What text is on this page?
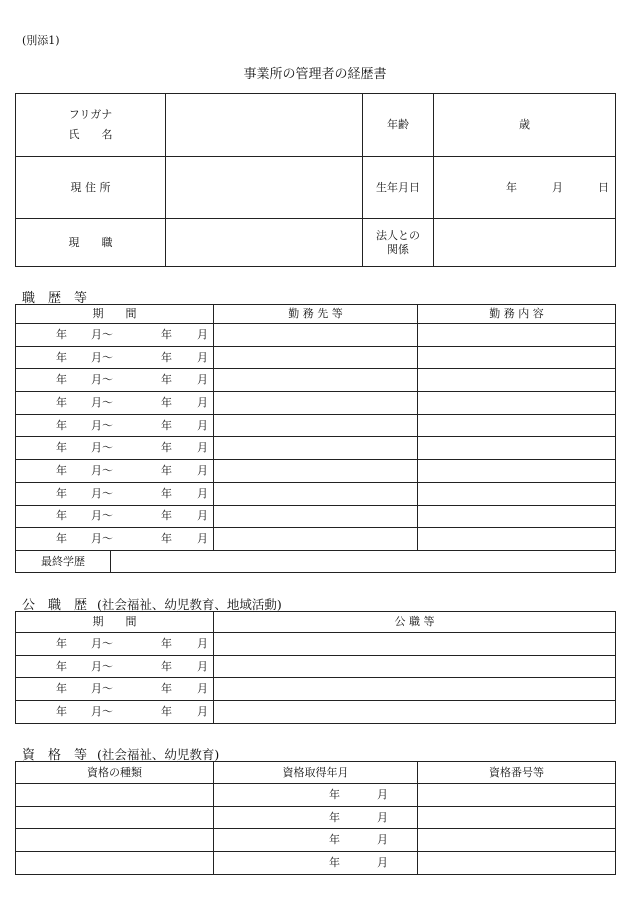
(別添1)
事業所の管理者の経歴書
フリガナ
氏　　名		年齢	歳
現 住 所		生年月日	年 月 日

現　　職		法人との
関係	

職　歴　等
期　　間		勤 務 先 等	勤 務 内 容

年 月〜 年 月			

年 月〜 年 月			

年 月〜 年 月			

年 月〜 年 月			

年 月〜 年 月			

年 月〜 年 月			

年 月〜 年 月			

年 月〜 年 月			

年 月〜 年 月			

年 月〜 年 月			

最終学歴			
公　職　歴 (社会福祉、幼児教育、地域活動)
期　　間	公 職 等

年 月〜 年 月	

年 月〜 年 月	

年 月〜 年 月	

年 月〜 年 月	

資　格　等 (社会福祉、幼児教育)
資格の種類	資格取得年月	資格番号等

	年 月	

	年 月	

	年 月	

	年 月	
